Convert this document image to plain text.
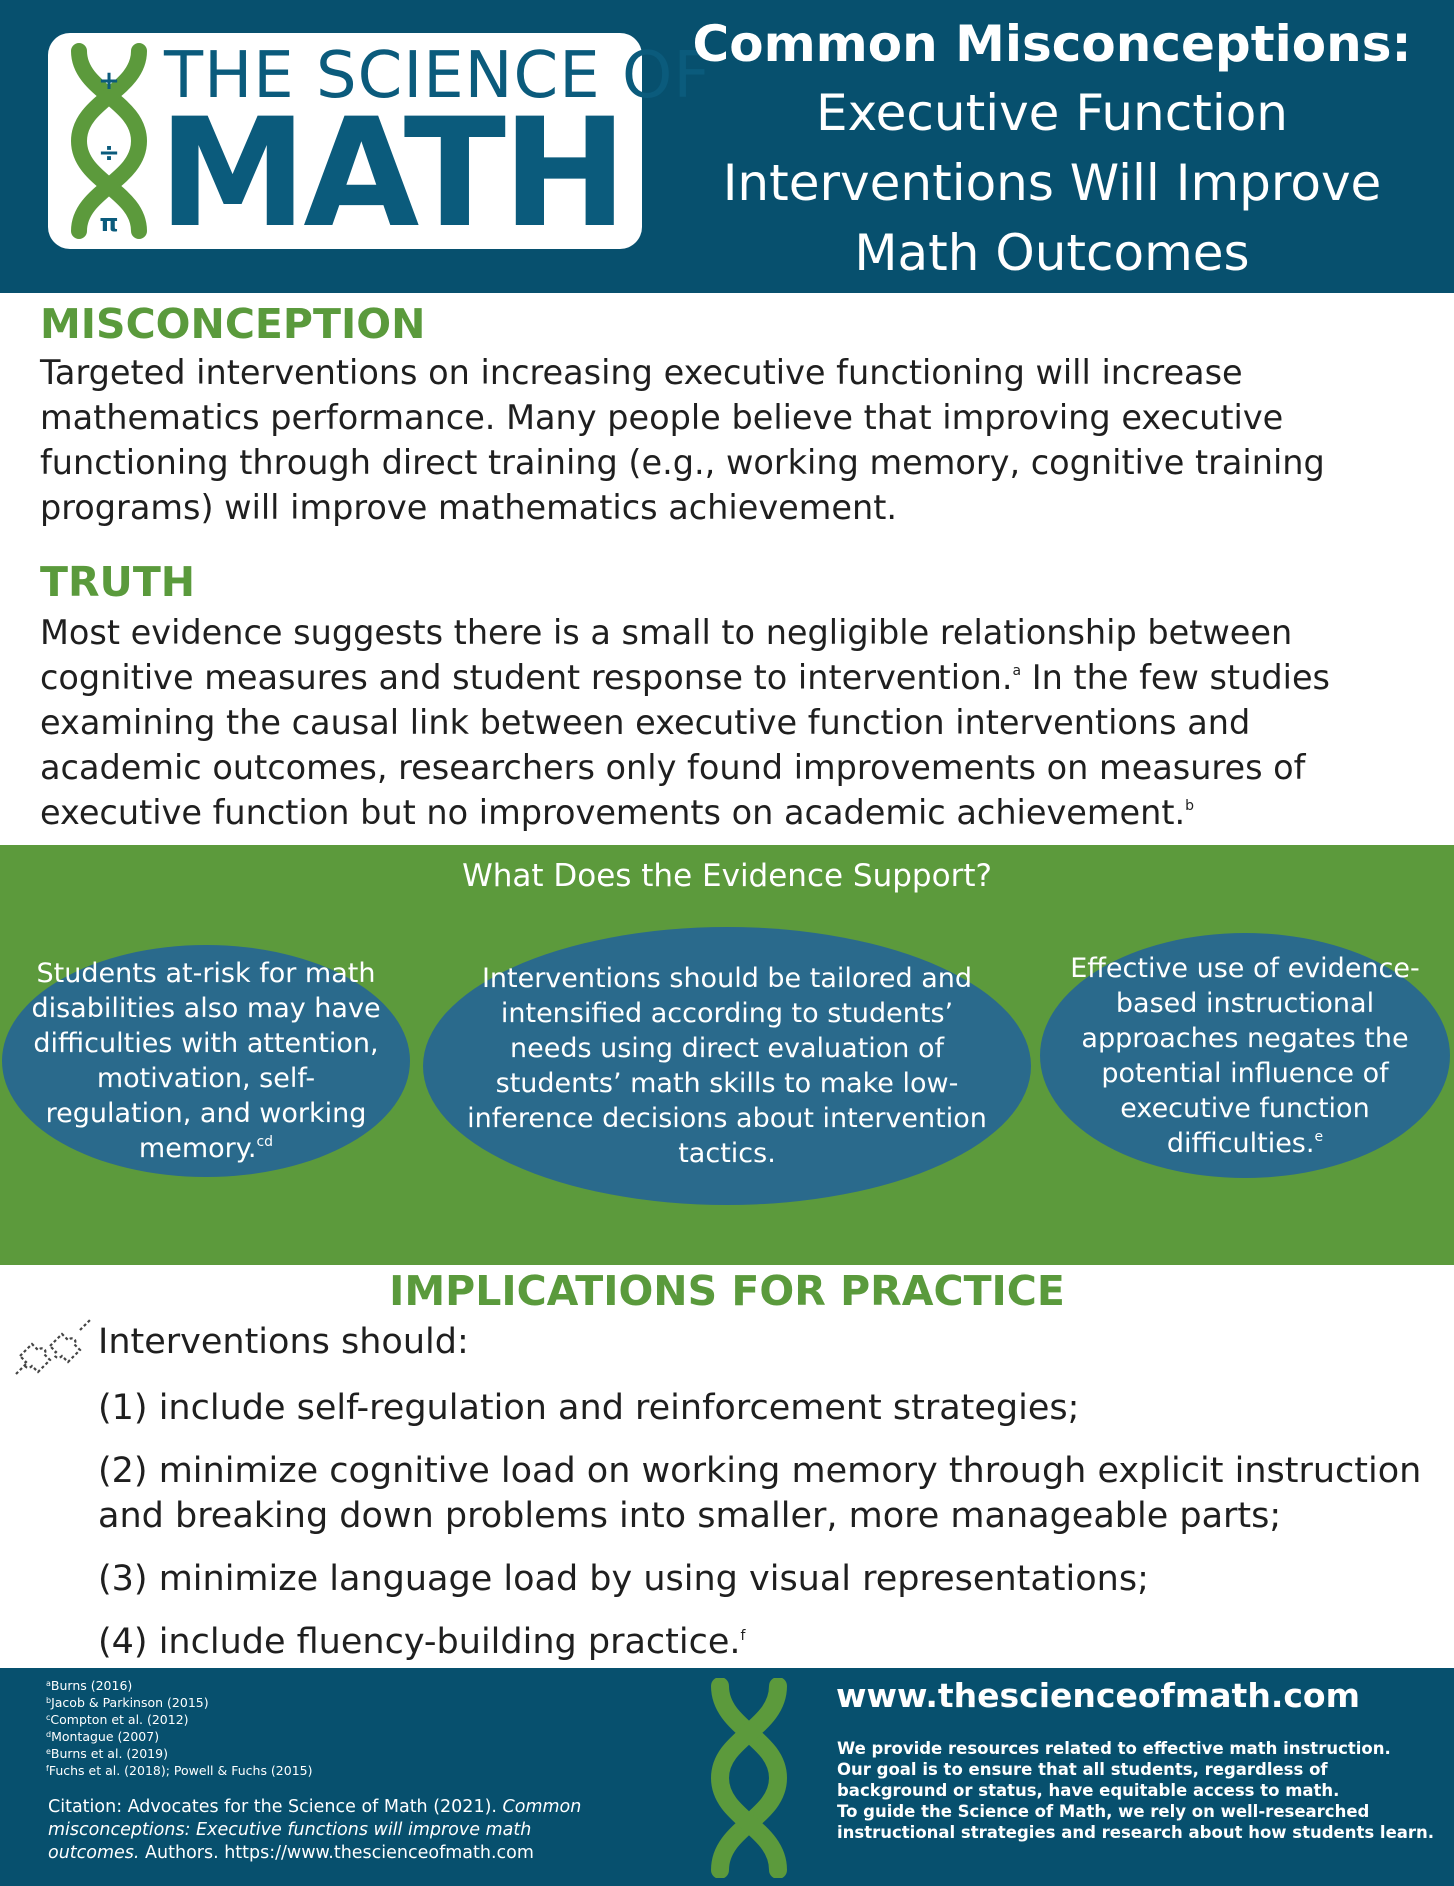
+
÷
π
THE SCIENCE OF
MATH
Common Misconceptions:
Executive Function
Interventions Will Improve
Math Outcomes
MISCONCEPTION
Targeted interventions on increasing executive functioning will increase mathematics performance. Many people believe that improving executive functioning through direct training (e.g., working memory, cognitive training programs) will improve mathematics achievement.
TRUTH
Most evidence suggests there is a small to negligible relationship between cognitive measures and student response to intervention.$^a$ In the few studies examining the causal link between executive function interventions and academic outcomes, researchers only found improvements on measures of executive function but no improvements on academic achievement.$^b$
What Does the Evidence Support?
Students at-risk for math disabilities also may have difficulties with attention, motivation, self-regulation, and working memory.$^{cd}$
Interventions should be tailored and intensified according to students’ needs using direct evaluation of students’ math skills to make low-inference decisions about intervention tactics.
Effective use of evidence-based instructional approaches negates the potential influence of executive function difficulties.$^e$
IMPLICATIONS FOR PRACTICE
Interventions should:
(1) include self-regulation and reinforcement strategies;
(2) minimize cognitive load on working memory through explicit instruction
and breaking down problems into smaller, more manageable parts;
(3) minimize language load by using visual representations;
(4) include fluency-building practice.$^f$
$^a$Burns (2016)
$^b$Jacob & Parkinson (2015)
$^c$Compton et al. (2012)
$^d$Montague (2007)
$^e$Burns et al. (2019)
$^f$Fuchs et al. (2018); Powell & Fuchs (2015)
Citation: Advocates for the Science of Math (2021). Common misconceptions: Executive functions will improve math outcomes. Authors. https://www.thescienceofmath.com
www.thescienceofmath.com
We provide resources related to effective math instruction.
Our goal is to ensure that all students, regardless of
background or status, have equitable access to math.
To guide the Science of Math, we rely on well-researched
instructional strategies and research about how students learn.
